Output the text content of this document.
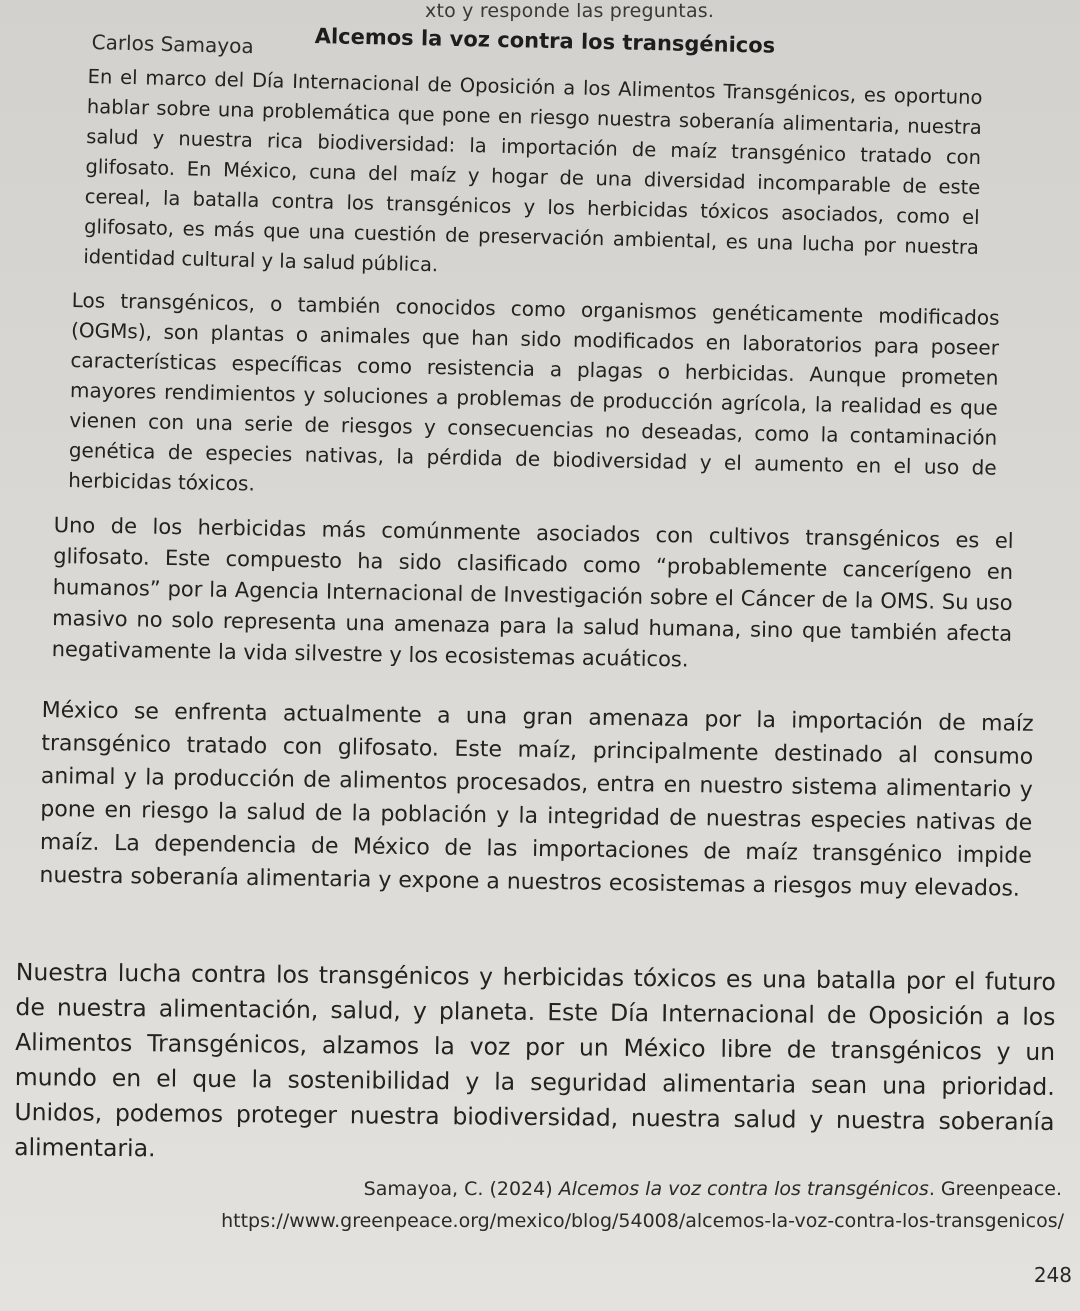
xto y responde las preguntas.
Alcemos la voz contra los transgénicos
Carlos Samayoa

En el marco del Día Internacional de Oposición a los Alimentos Transgénicos, es oportuno hablar sobre una problemática que pone en riesgo nuestra soberanía alimentaria, nuestra salud y nuestra rica biodiversidad: la importación de maíz transgénico tratado con glifosato. En México, cuna del maíz y hogar de una diversidad incomparable de este cereal, la batalla contra los transgénicos y los herbicidas tóxicos asociados, como el glifosato, es más que una cuestión de preservación ambiental, es una lucha por nuestra identidad cultural y la salud pública.

Los transgénicos, o también conocidos como organismos genéticamente modificados (OGMs), son plantas o animales que han sido modificados en laboratorios para poseer características específicas como resistencia a plagas o herbicidas. Aunque prometen mayores rendimientos y soluciones a problemas de producción agrícola, la realidad es que vienen con una serie de riesgos y consecuencias no deseadas, como la contaminación genética de especies nativas, la pérdida de biodiversidad y el aumento en el uso de herbicidas tóxicos.

Uno de los herbicidas más comúnmente asociados con cultivos transgénicos es el glifosato. Este compuesto ha sido clasificado como “probablemente cancerígeno en humanos” por la Agencia Internacional de Investigación sobre el Cáncer de la OMS. Su uso masivo no solo representa una amenaza para la salud humana, sino que también afecta negativamente la vida silvestre y los ecosistemas acuáticos.

México se enfrenta actualmente a una gran amenaza por la importación de maíz transgénico tratado con glifosato. Este maíz, principalmente destinado al consumo animal y la producción de alimentos procesados, entra en nuestro sistema alimentario y pone en riesgo la salud de la población y la integridad de nuestras especies nativas de maíz. La dependencia de México de las importaciones de maíz transgénico impide nuestra soberanía alimentaria y expone a nuestros ecosistemas a riesgos muy elevados.

Nuestra lucha contra los transgénicos y herbicidas tóxicos es una batalla por el futuro de nuestra alimentación, salud, y planeta. Este Día Internacional de Oposición a los Alimentos Transgénicos, alzamos la voz por un México libre de transgénicos y un mundo en el que la sostenibilidad y la seguridad alimentaria sean una prioridad. Unidos, podemos proteger nuestra biodiversidad, nuestra salud y nuestra soberanía alimentaria.

Samayoa, C. (2024) Alcemos la voz contra los transgénicos. Greenpeace.
https://www.greenpeace.org/mexico/blog/54008/alcemos-la-voz-contra-los-transgenicos/
248
